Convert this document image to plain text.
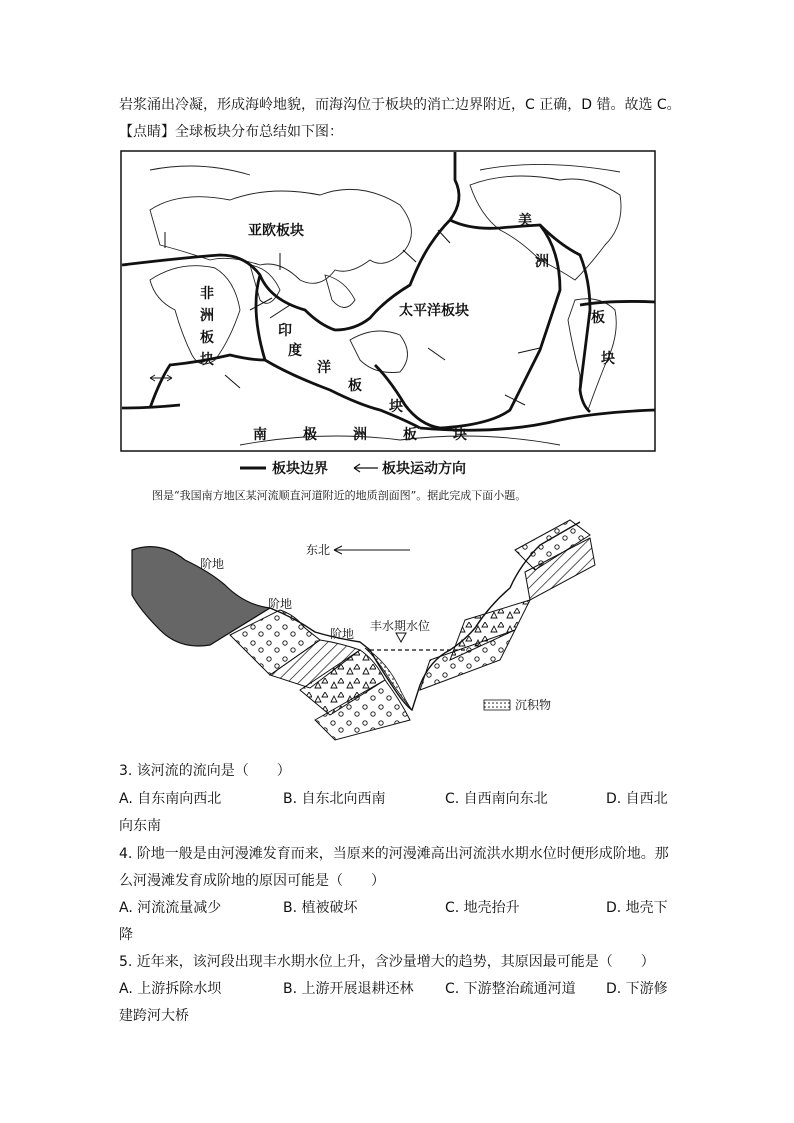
岩浆涌出冷凝，形成海岭地貌，而海沟位于板块的消亡边界附近，C 正确，D 错。故选 C。
【点睛】全球板块分布总结如下图：
亚欧板块
美
洲
板
块
太平洋板块
非
洲
板
块
印
度
洋
板
块
南	极	洲	板	块
板块边界	板块运动方向
图是“我国南方地区某河流顺直河道附近的地质剖面图”。据此完成下面小题。
东北
阶地
阶地
阶地
丰水期水位
沉积物
3. 该河流的流向是（　　）
A. 自东南向西北	B. 自东北向西南	C. 自西南向东北	D. 自西北
向东南
4. 阶地一般是由河漫滩发育而来，当原来的河漫滩高出河流洪水期水位时便形成阶地。那
么河漫滩发育成阶地的原因可能是（　　）
A. 河流流量减少	B. 植被破坏	C. 地壳抬升	D. 地壳下
降
5. 近年来，该河段出现丰水期水位上升，含沙量增大的趋势，其原因最可能是（　　）
A. 上游拆除水坝	B. 上游开展退耕还林 C. 下游整治疏通河道 D. 下游修
建跨河大桥
